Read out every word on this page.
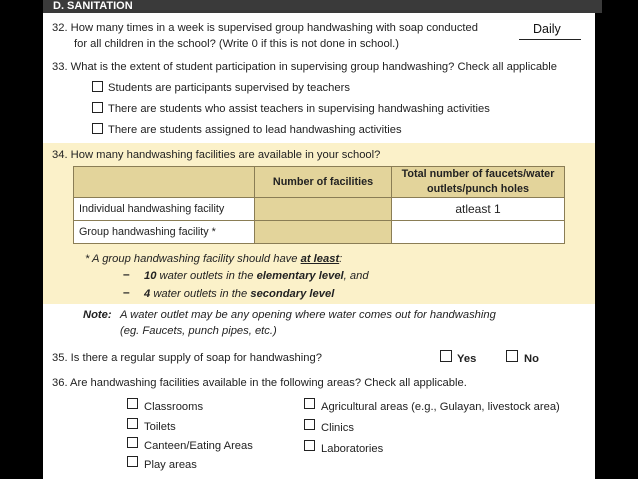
D. SANITATION
32. How many times in a week is supervised group handwashing with soap conducted
for all children in the school? (Write 0 if this is not done in school.)
Daily
33. What is the extent of student participation in supervising group handwashing? Check all applicable
Students are participants supervised by teachers
There are students who assist teachers in supervising handwashing activities
There are students assigned to lead handwashing activities
34. How many handwashing facilities are available in your school?
	Number of facilities	Total number of faucets/water outlets/punch holes
Individual handwashing facility		atleast 1
Group handwashing facility *		
* A group handwashing facility should have at least:
– 10 water outlets in the elementary level, and
– 4 water outlets in the secondary level
Note: A water outlet may be any opening where water comes out for handwashing
(eg. Faucets, punch pipes, etc.)
35. Is there a regular supply of soap for handwashing?	Yes	No
36. Are handwashing facilities available in the following areas? Check all applicable.
Classrooms
Toilets
Canteen/Eating Areas
Play areas
Agricultural areas (e.g., Gulayan, livestock area)
Clinics
Laboratories
